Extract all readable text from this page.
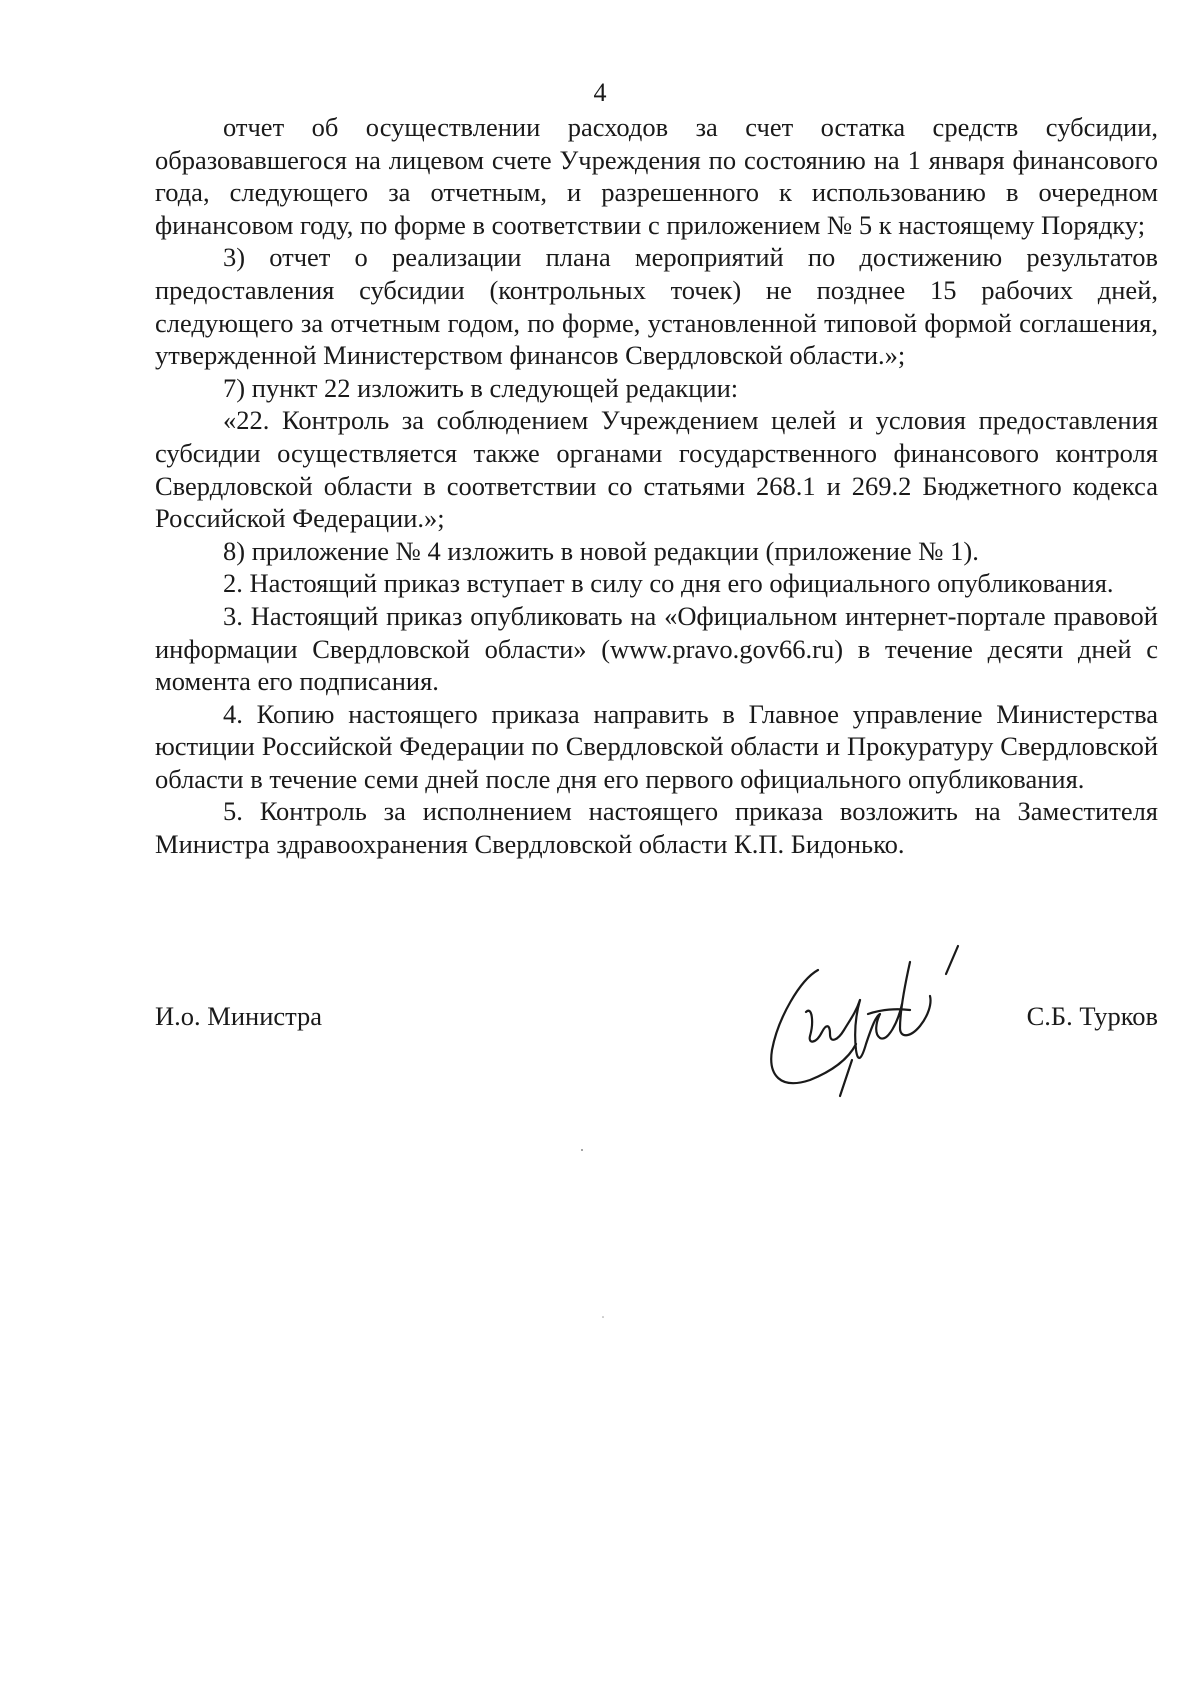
4

отчет об осуществлении расходов за счет остатка средств субсидии, образовавшегося на лицевом счете Учреждения по состоянию на 1 января финансового года, следующего за отчетным, и разрешенного к использованию в очередном финансовом году, по форме в соответствии с приложением № 5 к настоящему Порядку;

3) отчет о реализации плана мероприятий по достижению результатов предоставления субсидии (контрольных точек) не позднее 15 рабочих дней, следующего за отчетным годом, по форме, установленной типовой формой соглашения, утвержденной Министерством финансов Свердловской области.»;

7) пункт 22 изложить в следующей редакции:

«22. Контроль за соблюдением Учреждением целей и условия предоставления субсидии осуществляется также органами государственного финансового контроля Свердловской области в соответствии со статьями 268.1 и 269.2 Бюджетного кодекса Российской Федерации.»;

8) приложение № 4 изложить в новой редакции (приложение № 1).

2. Настоящий приказ вступает в силу со дня его официального опубликования.

3. Настоящий приказ опубликовать на «Официальном интернет-портале правовой информации Свердловской области» (www.pravo.gov66.ru) в течение десяти дней с момента его подписания.

4. Копию настоящего приказа направить в Главное управление Министерства юстиции Российской Федерации по Свердловской области и Прокуратуру Свердловской области в течение семи дней после дня его первого официального опубликования.

5. Контроль за исполнением настоящего приказа возложить на Заместителя Министра здравоохранения Свердловской области К.П. Бидонько.

И.о. Министра	С.Б. Турков
